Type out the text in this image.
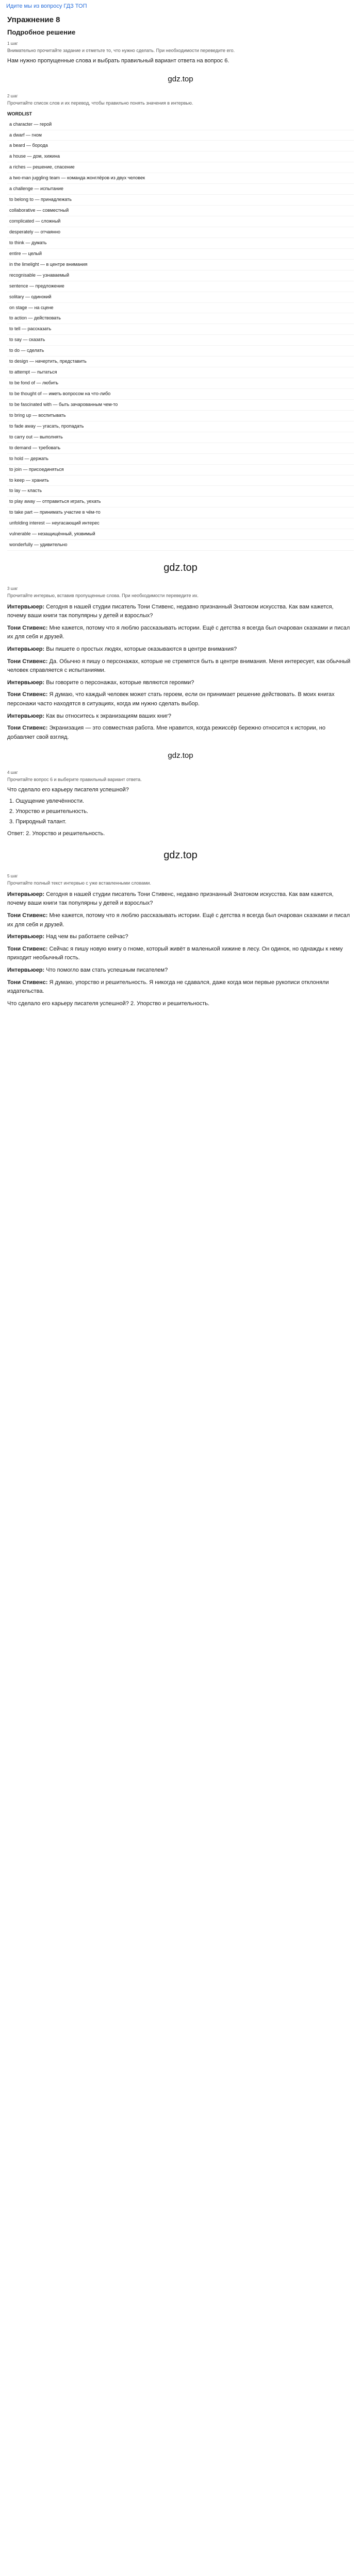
Идите мы из вопросу ГДЗ ТОП
Упражнение 8
Подробное решение
1 шаг
Внимательно прочитайте задание и отметьте то, что нужно сделать. При необходимости переведите его.
Нам нужно пропущенные слова и выбрать правильный вариант ответа на вопрос 6.
gdz.top
2 шаг
Прочитайте список слов и их перевод, чтобы правильно понять значения в интервью.
WORDLIST
a character — герой
a dwarf — гном
a beard — борода
a house — дом, хижина
a riches — решение, спасение
a two-man juggling team — команда жонглёров из двух человек
a challenge — испытание
to belong to — принадлежать
collaborative — совместный
complicated — сложный
desperately — отчаянно
to think — думать
entire — целый
in the limelight — в центре внимания
recognisable — узнаваемый
sentence — предложение
solitary — одинокий
on stage — на сцене
to action — действовать
to tell — рассказать
to say — сказать
to do — сделать
to design — начертить, представить
to attempt — пытаться
to be fond of — любить
to be thought of — иметь вопросом на что-либо
to be fascinated with — быть зачарованным чем-то
to bring up — воспитывать
to fade away — угасать, пропадать
to carry out — выполнять
to demand — требовать
to hold — держать
to join — присоединяться
to keep — хранить
to lay — класть
to play away — отправиться играть, уехать
to take part — принимать участие в чём-то
unfolding interest — неугасающий интерес
vulnerable — незащищённый, уязвимый
wonderfully — удивительно
gdz.top
3 шаг
Прочитайте интервью, вставив пропущенные слова. При необходимости переведите их.

Интервьюер: Сегодня в нашей студии писатель Тони Стивенс, недавно признанный Знатоком искусства. Как вам кажется, почему ваши книги так популярны у детей и взрослых?

Тони Стивенс: Мне кажется, потому что я люблю рассказывать истории. Ещё с детства я всегда был очарован сказками и писал их для себя и друзей.

Интервьюер: Вы пишете о простых людях, которые оказываются в центре внимания?

Тони Стивенс: Да. Обычно я пишу о персонажах, которые не стремятся быть в центре внимания. Меня интересует, как обычный человек справляется с испытаниями.

Интервьюер: Вы говорите о персонажах, которые являются героями?

Тони Стивенс: Я думаю, что каждый человек может стать героем, если он принимает решение действовать. В моих книгах персонажи часто находятся в ситуациях, когда им нужно сделать выбор.

Интервьюер: Как вы относитесь к экранизациям ваших книг?

Тони Стивенс: Экранизация — это совместная работа. Мне нравится, когда режиссёр бережно относится к истории, но добавляет свой взгляд.

gdz.top
4 шаг
Прочитайте вопрос 6 и выберите правильный вариант ответа.
Что сделало его карьеру писателя успешной?
1. Ощущение увлечённости.
2. Упорство и решительность.
3. Природный талант.
Ответ: 2. Упорство и решительность.
gdz.top
5 шаг
Прочитайте полный текст интервью с уже вставленными словами.

Интервьюер: Сегодня в нашей студии писатель Тони Стивенс, недавно признанный Знатоком искусства. Как вам кажется, почему ваши книги так популярны у детей и взрослых?

Тони Стивенс: Мне кажется, потому что я люблю рассказывать истории. Ещё с детства я всегда был очарован сказками и писал их для себя и друзей.

Интервьюер: Над чем вы работаете сейчас?

Тони Стивенс: Сейчас я пишу новую книгу о гноме, который живёт в маленькой хижине в лесу. Он одинок, но однажды к нему приходит необычный гость.

Интервьюер: Что помогло вам стать успешным писателем?

Тони Стивенс: Я думаю, упорство и решительность. Я никогда не сдавался, даже когда мои первые рукописи отклоняли издательства.

Что сделало его карьеру писателя успешной? 2. Упорство и решительность.
